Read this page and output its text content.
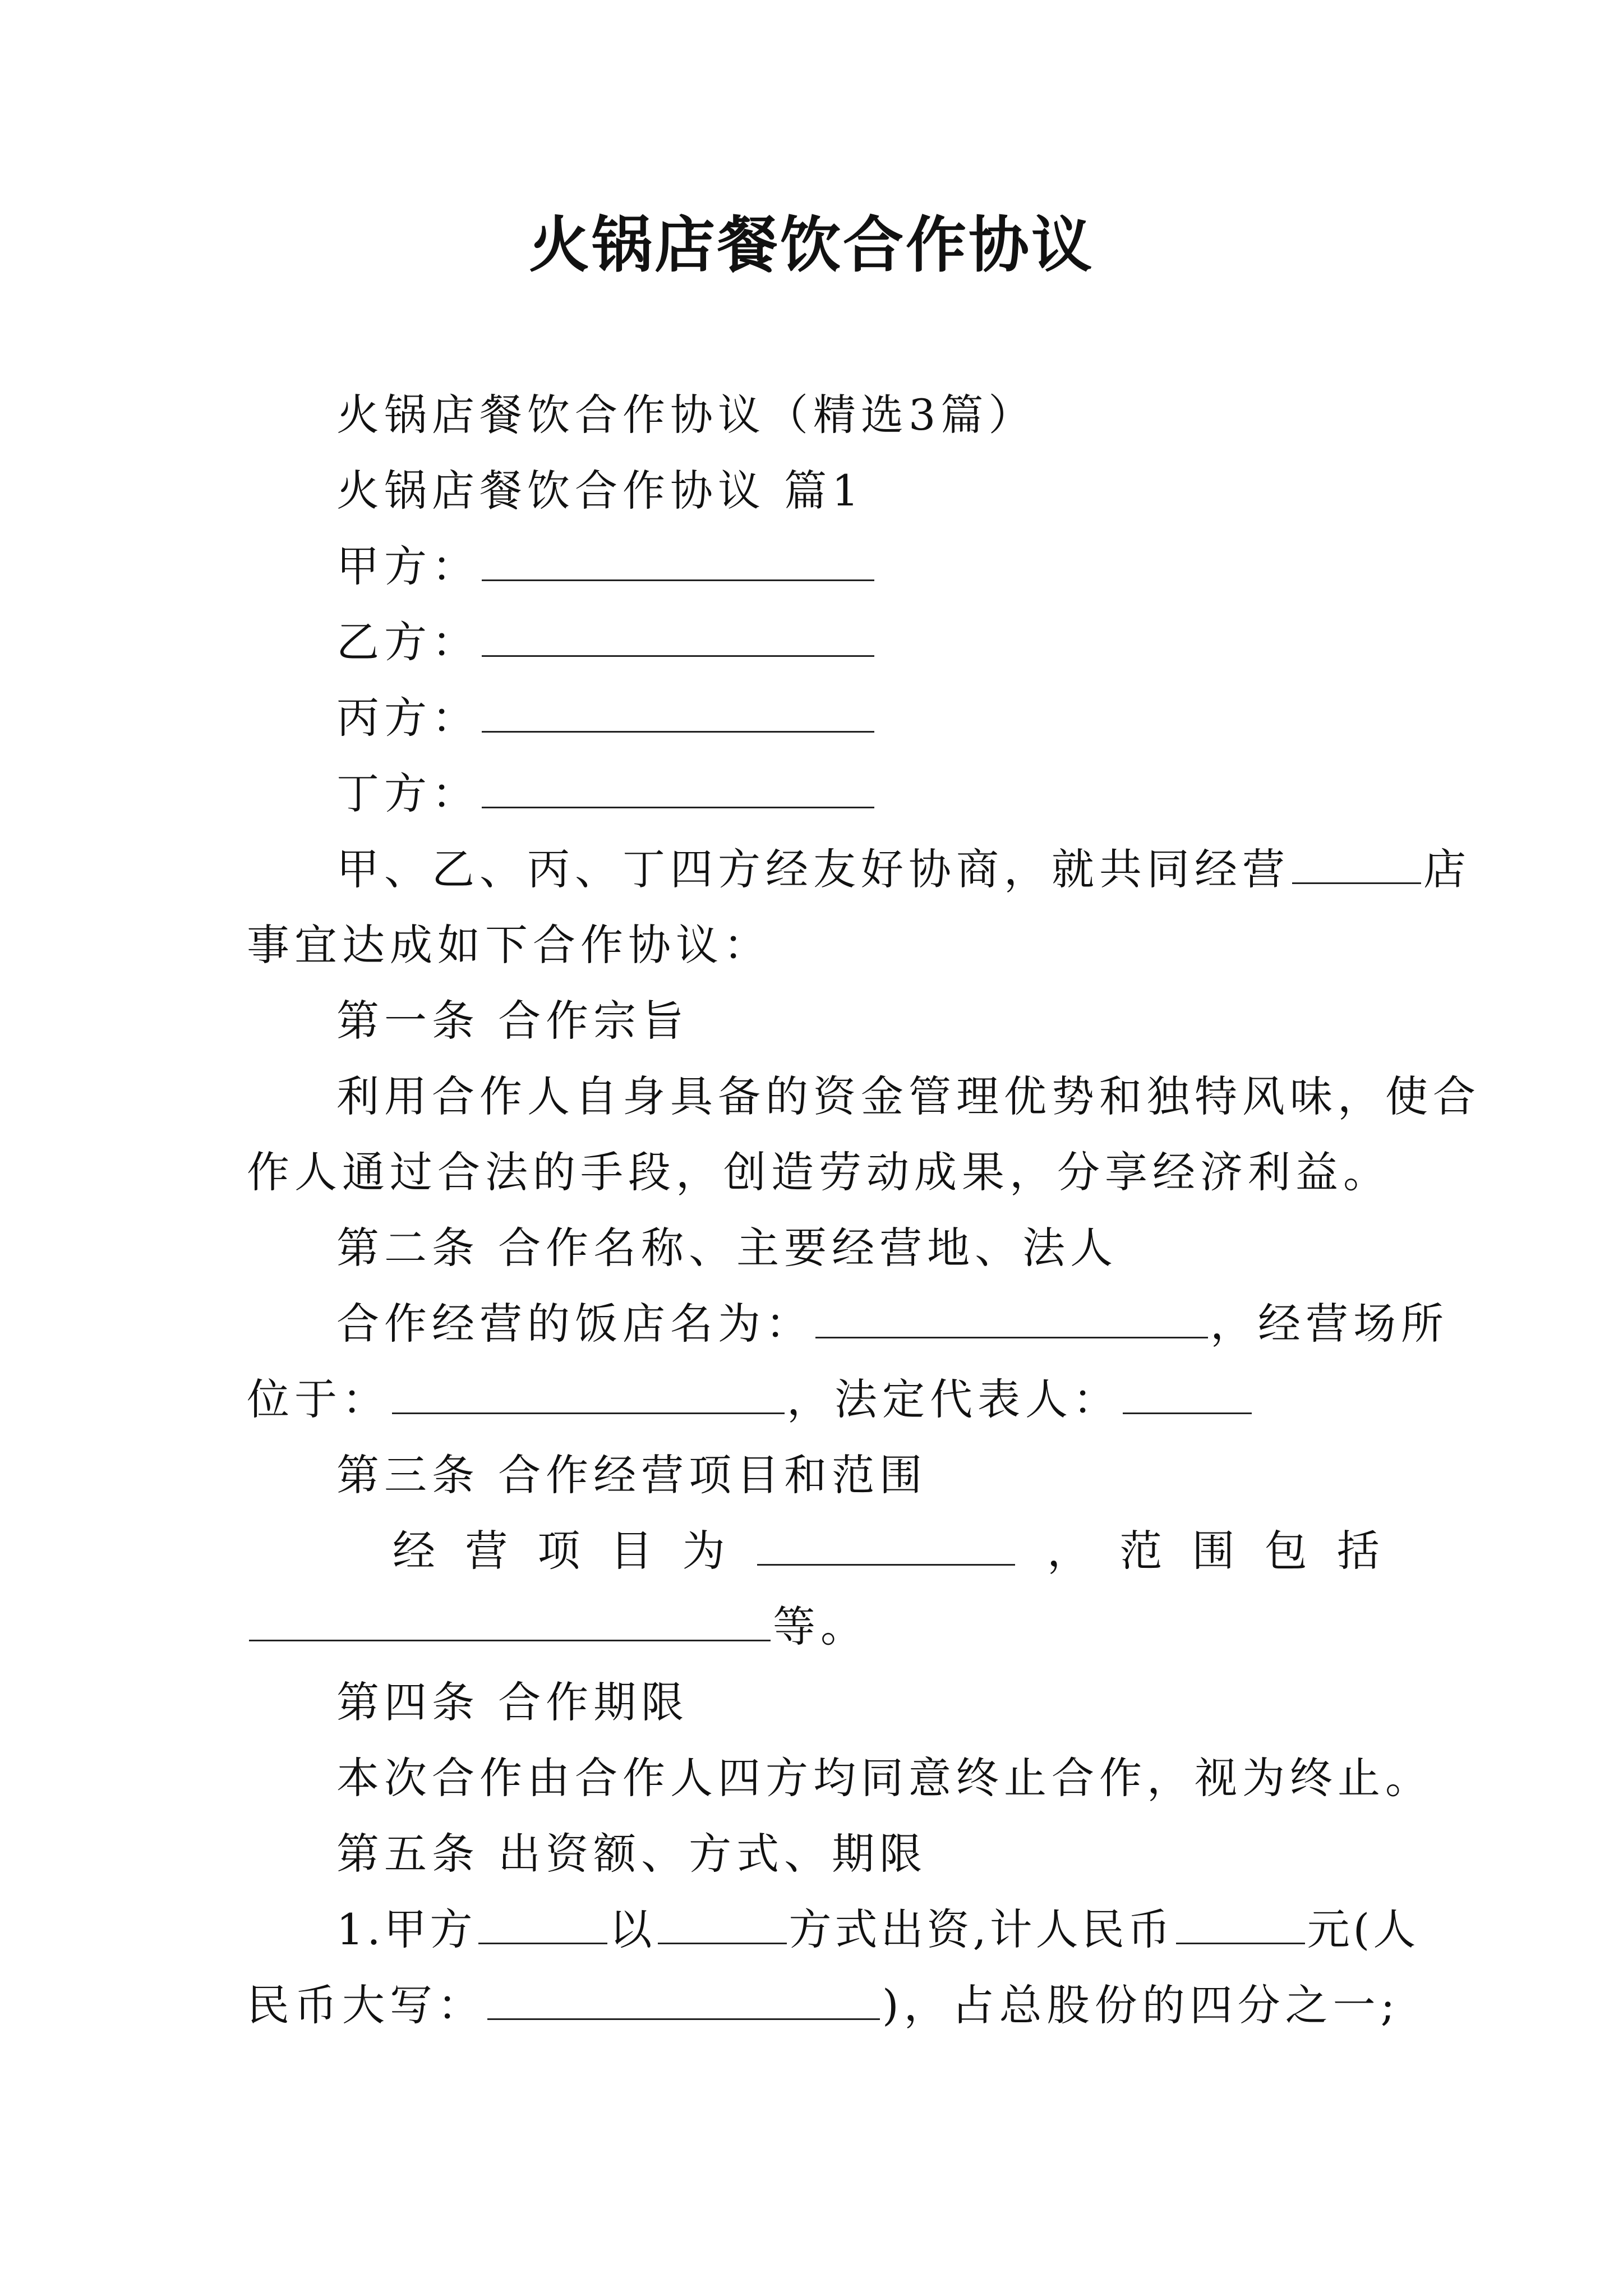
火锅店餐饮合作协议
火锅店餐饮合作协议（精选3篇）
火锅店餐饮合作协议 篇1
甲方：
乙方：
丙方：
丁方：
甲、乙、丙、丁四方经友好协商，就共同经营	店
事宜达成如下合作协议：
第一条 合作宗旨
利用合作人自身具备的资金管理优势和独特风味，使合
作人通过合法的手段，创造劳动成果，分享经济利益。
第二条 合作名称、主要经营地、法人
合作经营的饭店名为：	，经营场所
位于：	，法定代表人：
第三条 合作经营项目和范围
经 营 项 目 为	， 范 围 包 括
等。
第四条 合作期限
本次合作由合作人四方均同意终止合作，视为终止。
第五条 出资额、方式、期限
1.甲方	以	方式出资,计人民币	元(人
民币大写：	)，占总股份的四分之一;
